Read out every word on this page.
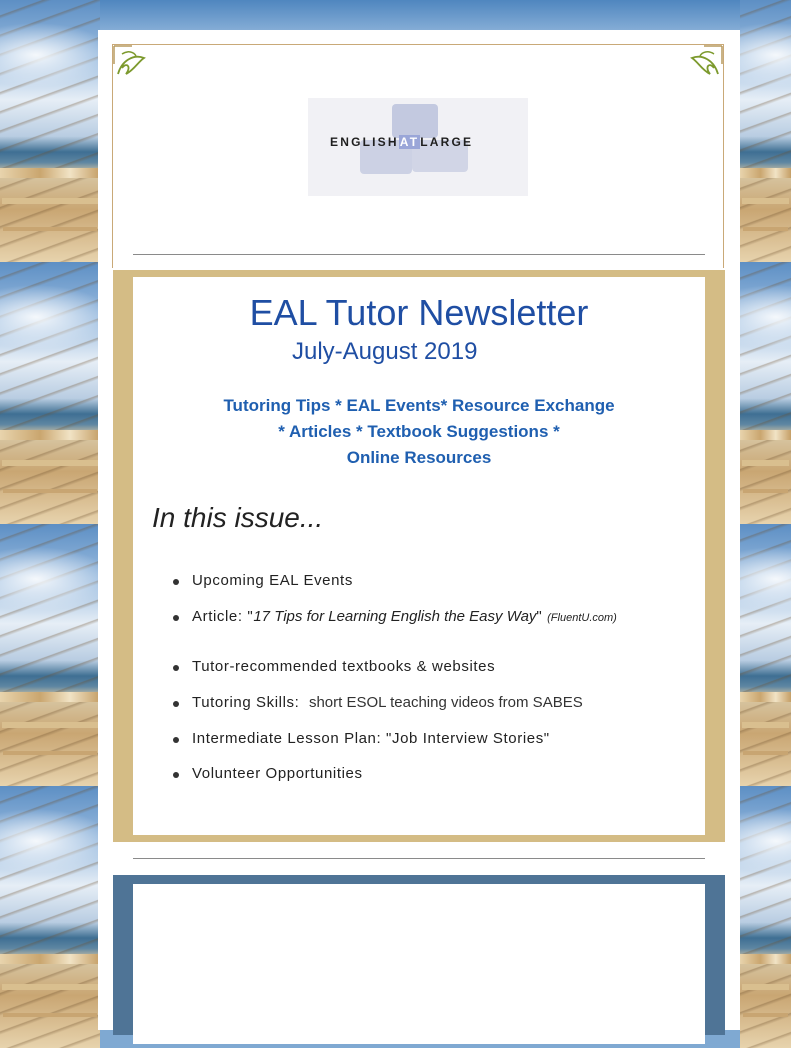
ENGLISHATLARGE
EAL Tutor Newsletter
July-August 2019
Tutoring Tips * EAL Events* Resource Exchange
* Articles * Textbook Suggestions *
Online Resources
In this issue...
Upcoming EAL Events
Article: "17 Tips for Learning English the Easy Way" (FluentU.com)
Tutor-recommended textbooks & websites
Tutoring Skills: short ESOL teaching videos from SABES
Intermediate Lesson Plan: "Job Interview Stories"
Volunteer Opportunities
